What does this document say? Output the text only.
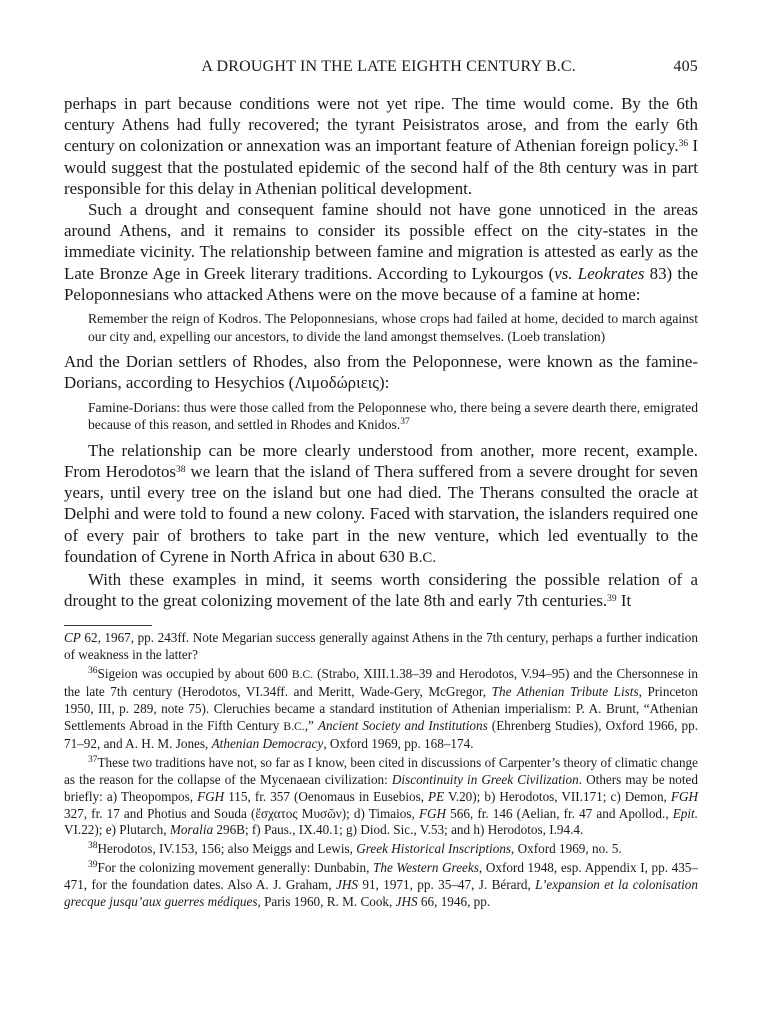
A DROUGHT IN THE LATE EIGHTH CENTURY B.C.	405

perhaps in part because conditions were not yet ripe. The time would come. By the 6th century Athens had fully recovered; the tyrant Peisistratos arose, and from the early 6th century on colonization or annexation was an important feature of Athenian foreign policy.$^{36}$ I would suggest that the postulated epidemic of the second half of the 8th century was in part responsible for this delay in Athenian political development.

Such a drought and consequent famine should not have gone unnoticed in the areas around Athens, and it remains to consider its possible effect on the city-states in the immediate vicinity. The relationship between famine and migration is attested as early as the Late Bronze Age in Greek literary traditions. According to Lykourgos (vs. Leokrates 83) the Peloponnesians who attacked Athens were on the move because of a famine at home:

Remember the reign of Kodros. The Peloponnesians, whose crops had failed at home, decided to march against our city and, expelling our ancestors, to divide the land amongst themselves. (Loeb translation)

And the Dorian settlers of Rhodes, also from the Peloponnese, were known as the famine-Dorians, according to Hesychios (Λιμοδώριεις):

Famine-Dorians: thus were those called from the Peloponnese who, there being a severe dearth there, emigrated because of this reason, and settled in Rhodes and Knidos.$^{37}$

The relationship can be more clearly understood from another, more recent, example. From Herodotos$^{38}$ we learn that the island of Thera suffered from a severe drought for seven years, until every tree on the island but one had died. The Therans consulted the oracle at Delphi and were told to found a new colony. Faced with starvation, the islanders required one of every pair of brothers to take part in the new venture, which led eventually to the foundation of Cyrene in North Africa in about 630 B.C.

With these examples in mind, it seems worth considering the possible relation of a drought to the great colonizing movement of the late 8th and early 7th centuries.$^{39}$ It

CP 62, 1967, pp. 243ff. Note Megarian success generally against Athens in the 7th century, perhaps a further indication of weakness in the latter?

$^{36}$Sigeion was occupied by about 600 B.C. (Strabo, XIII.1.38–39 and Herodotos, V.94–95) and the Chersonnese in the late 7th century (Herodotos, VI.34ff. and Meritt, Wade-Gery, McGregor, The Athenian Tribute Lists, Princeton 1950, III, p. 289, note 75). Cleruchies became a standard institution of Athenian imperialism: P. A. Brunt, “Athenian Settlements Abroad in the Fifth Century B.C.,” Ancient Society and Institutions (Ehrenberg Studies), Oxford 1966, pp. 71–92, and A. H. M. Jones, Athenian Democracy, Oxford 1969, pp. 168–174.

$^{37}$These two traditions have not, so far as I know, been cited in discussions of Carpenter’s theory of climatic change as the reason for the collapse of the Mycenaean civilization: Discontinuity in Greek Civilization. Others may be noted briefly: a) Theopompos, FGH 115, fr. 357 (Oenomaus in Eusebios, PE V.20); b) Herodotos, VII.171; c) Demon, FGH 327, fr. 17 and Photius and Souda (ἔσχατος Μυσῶν); d) Timaios, FGH 566, fr. 146 (Aelian, fr. 47 and Apollod., Epit. VI.22); e) Plutarch, Moralia 296B; f) Paus., IX.40.1; g) Diod. Sic., V.53; and h) Herodotos, I.94.4.

$^{38}$Herodotos, IV.153, 156; also Meiggs and Lewis, Greek Historical Inscriptions, Oxford 1969, no. 5.

$^{39}$For the colonizing movement generally: Dunbabin, The Western Greeks, Oxford 1948, esp. Appendix I, pp. 435–471, for the foundation dates. Also A. J. Graham, JHS 91, 1971, pp. 35–47, J. Bérard, L’expansion et la colonisation grecque jusqu’aux guerres médiques, Paris 1960, R. M. Cook, JHS 66, 1946, pp.
